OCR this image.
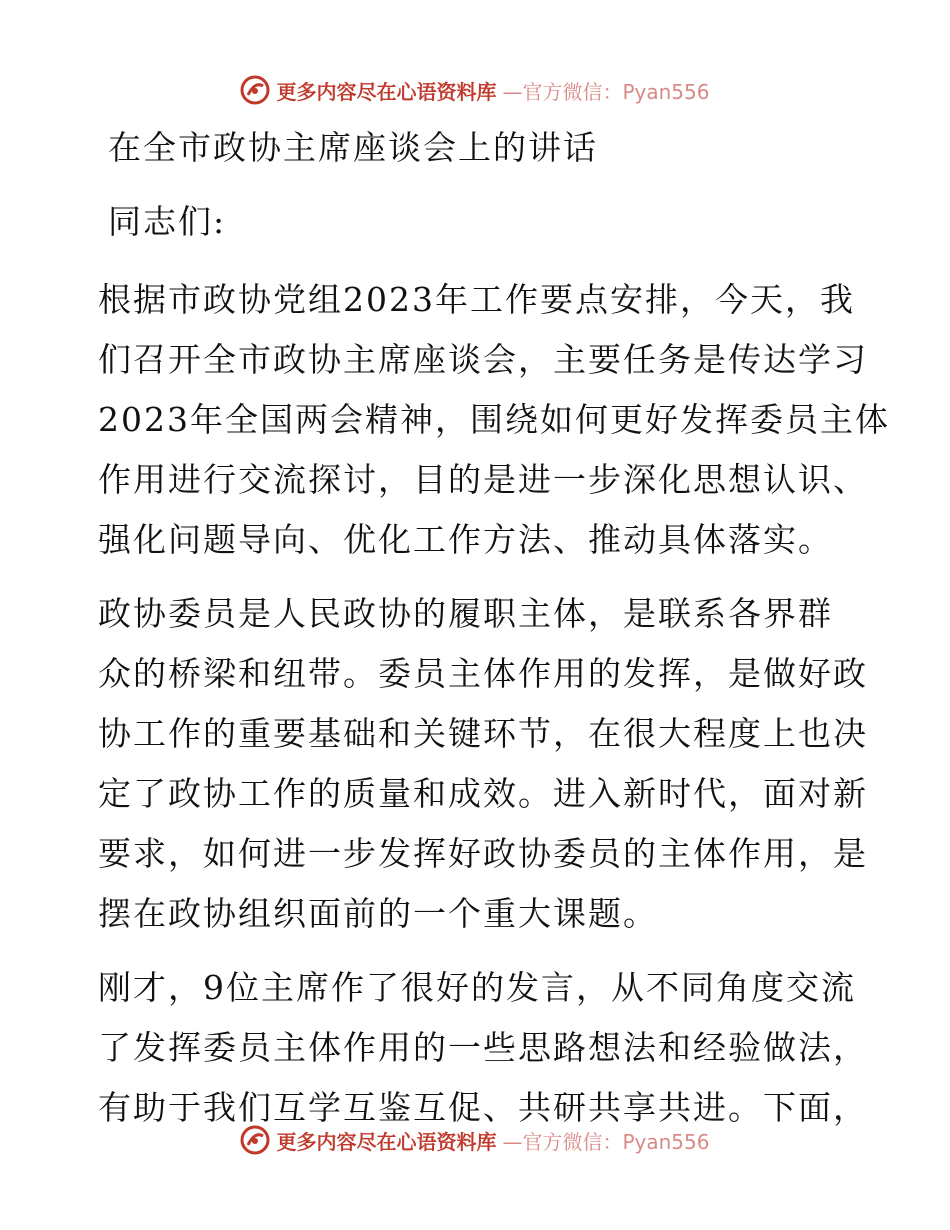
更多内容尽在心语资料库 —官方微信：Pyan556
在全市政协主席座谈会上的讲话
同志们:
根据市政协党组2023年工作要点安排，今天，我
们召开全市政协主席座谈会，主要任务是传达学习
2023年全国两会精神，围绕如何更好发挥委员主体
作用进行交流探讨，目的是进一步深化思想认识、
强化问题导向、优化工作方法、推动具体落实。
政协委员是人民政协的履职主体，是联系各界群
众的桥梁和纽带。委员主体作用的发挥，是做好政
协工作的重要基础和关键环节，在很大程度上也决
定了政协工作的质量和成效。进入新时代，面对新
要求，如何进一步发挥好政协委员的主体作用，是
摆在政协组织面前的一个重大课题。
刚才，9位主席作了很好的发言，从不同角度交流
了发挥委员主体作用的一些思路想法和经验做法，
有助于我们互学互鉴互促、共研共享共进。下面，
更多内容尽在心语资料库 —官方微信：Pyan556
